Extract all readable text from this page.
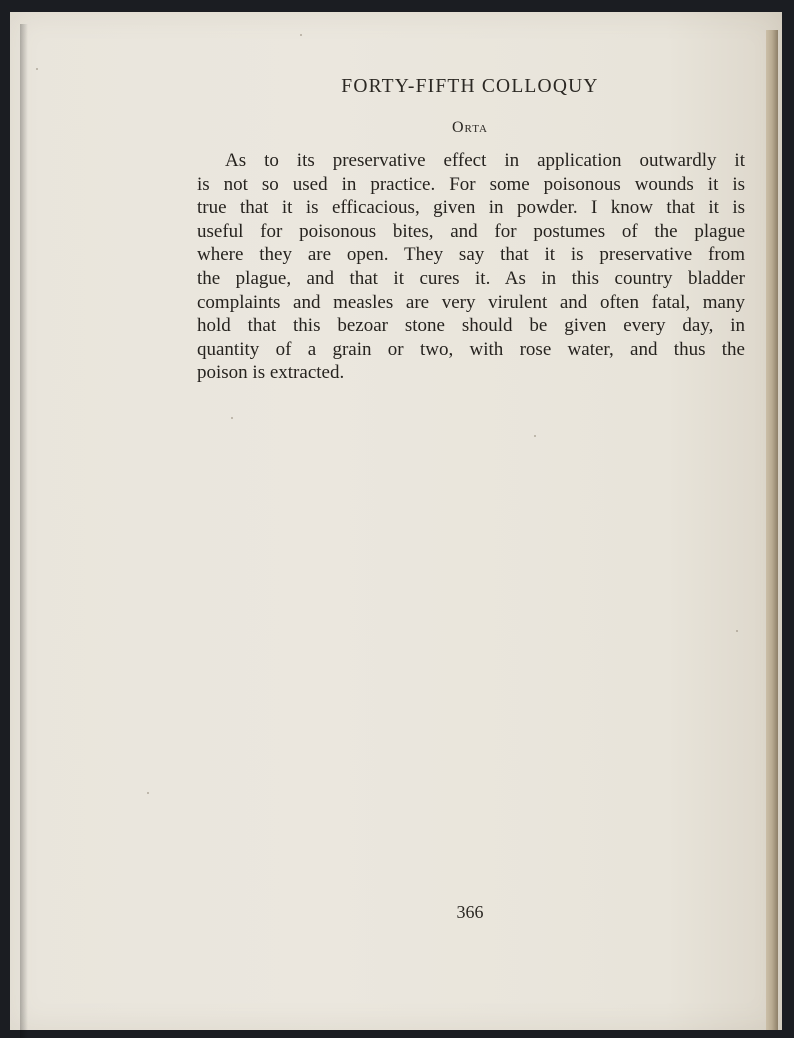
FORTY-FIFTH COLLOQUY
Orta
As to its preservative effect in application outwardly it
is not so used in practice. For some poisonous wounds it is
true that it is efficacious, given in powder. I know that it is
useful for poisonous bites, and for postumes of the plague
where they are open. They say that it is preservative from
the plague, and that it cures it. As in this country bladder
complaints and measles are very virulent and often fatal, many
hold that this bezoar stone should be given every day, in
quantity of a grain or two, with rose water, and thus the
poison is extracted.
366
